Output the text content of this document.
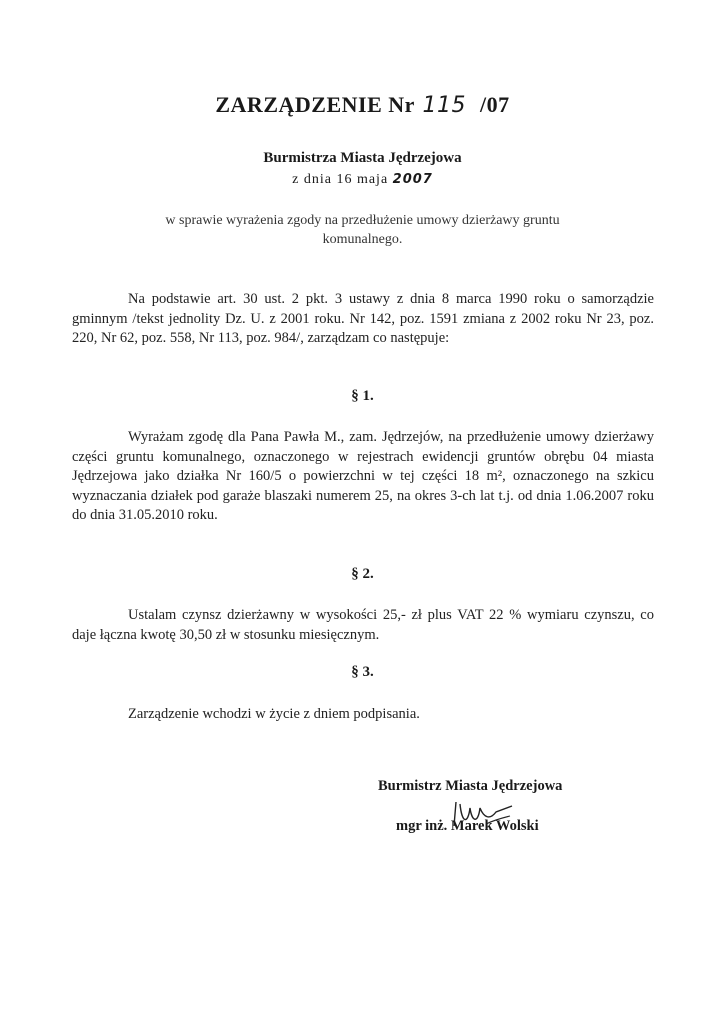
ZARZĄDZENIE Nr 115 /07
Burmistrza Miasta Jędrzejowa
z dnia 16 maja 2007
w sprawie wyrażenia zgody na przedłużenie umowy dzierżawy gruntu
komunalnego.

Na podstawie art. 30 ust. 2 pkt. 3 ustawy z dnia 8 marca 1990 roku o samorządzie gminnym /tekst jednolity Dz. U. z 2001 roku. Nr 142, poz. 1591 zmiana z 2002 roku Nr 23, poz. 220, Nr 62, poz. 558, Nr 113, poz. 984/, zarządzam co następuje:

§ 1.

Wyrażam zgodę dla Pana Pawła M., zam. Jędrzejów, na przedłużenie umowy dzierżawy części gruntu komunalnego, oznaczonego w rejestrach ewidencji gruntów obrębu 04 miasta Jędrzejowa jako działka Nr 160/5 o powierzchni w tej części 18 m², oznaczonego na szkicu wyznaczania działek pod garaże blaszaki numerem 25, na okres 3-ch lat t.j. od dnia 1.06.2007 roku do dnia 31.05.2010 roku.

§ 2.

Ustalam czynsz dzierżawny w wysokości 25,- zł plus VAT 22 % wymiaru czynszu, co daje łączna kwotę 30,50 zł w stosunku miesięcznym.

§ 3.

Zarządzenie wchodzi w życie z dniem podpisania.

Burmistrz Miasta Jędrzejowa
mgr inż. Marek Wolski
